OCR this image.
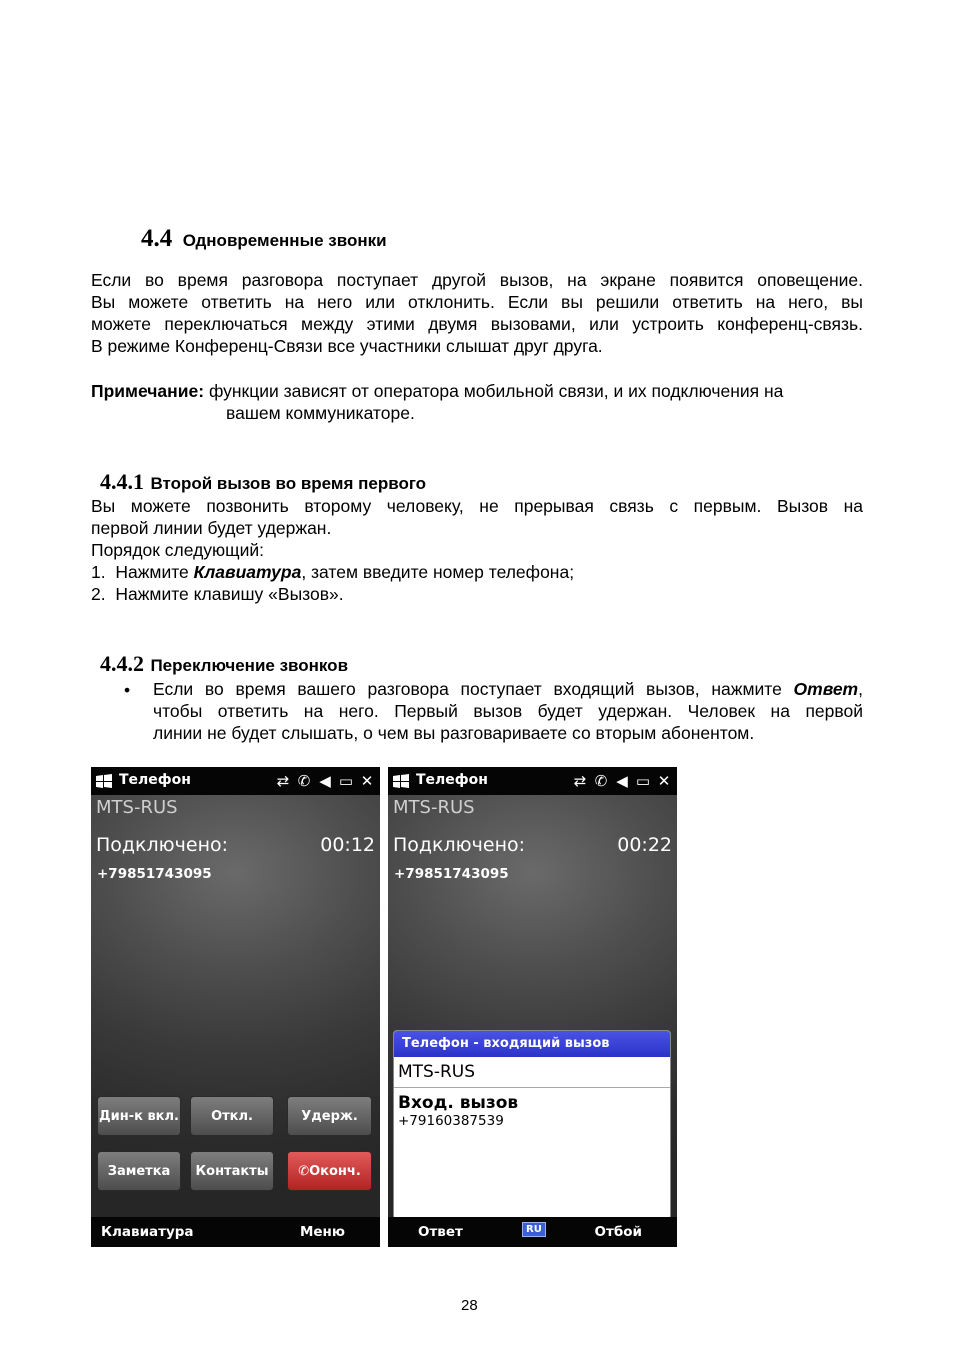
4.4 Одновременные звонки
Если во время разговора поступает другой вызов, на экране появится оповещение.
Вы можете ответить на него или отклонить. Если вы решили ответить на него, вы
можете переключаться между этими двумя вызовами, или устроить конференц-связь.
В режиме Конференц-Связи все участники слышат друг друга.
Примечание: функции зависят от оператора мобильной связи, и их подключения на
вашем коммуникаторе.
4.4.1 Второй вызов во время первого
Вы можете позвонить второму человеку, не прерывая связь с первым. Вызов на
первой линии будет удержан.
Порядок следующий:
1. Нажмите Клавиатура, затем введите номер телефона;
2. Нажмите клавишу «Вызов».
4.4.2 Переключение звонков
• Если во время вашего разговора поступает входящий вызов, нажмите Ответ,
чтобы ответить на него. Первый вызов будет удержан. Человек на первой
линии не будет слышать, о чем вы разговариваете со вторым абонентом.
Телефон	⇄ ✆ ◀ ▭ ✕
MTS-RUS
Подключено:	00:12
+79851743095
Дин-к вкл.	Откл.	Удерж.
Заметка	Контакты	✆Оконч.
Клавиатура	Меню
Телефон	⇄ ✆ ◀ ▭ ✕
MTS-RUS
Подключено:	00:22
+79851743095
Телефон - входящий вызов
MTS-RUS
Вход. вызов
+79160387539
Ответ	RU	Отбой
28
